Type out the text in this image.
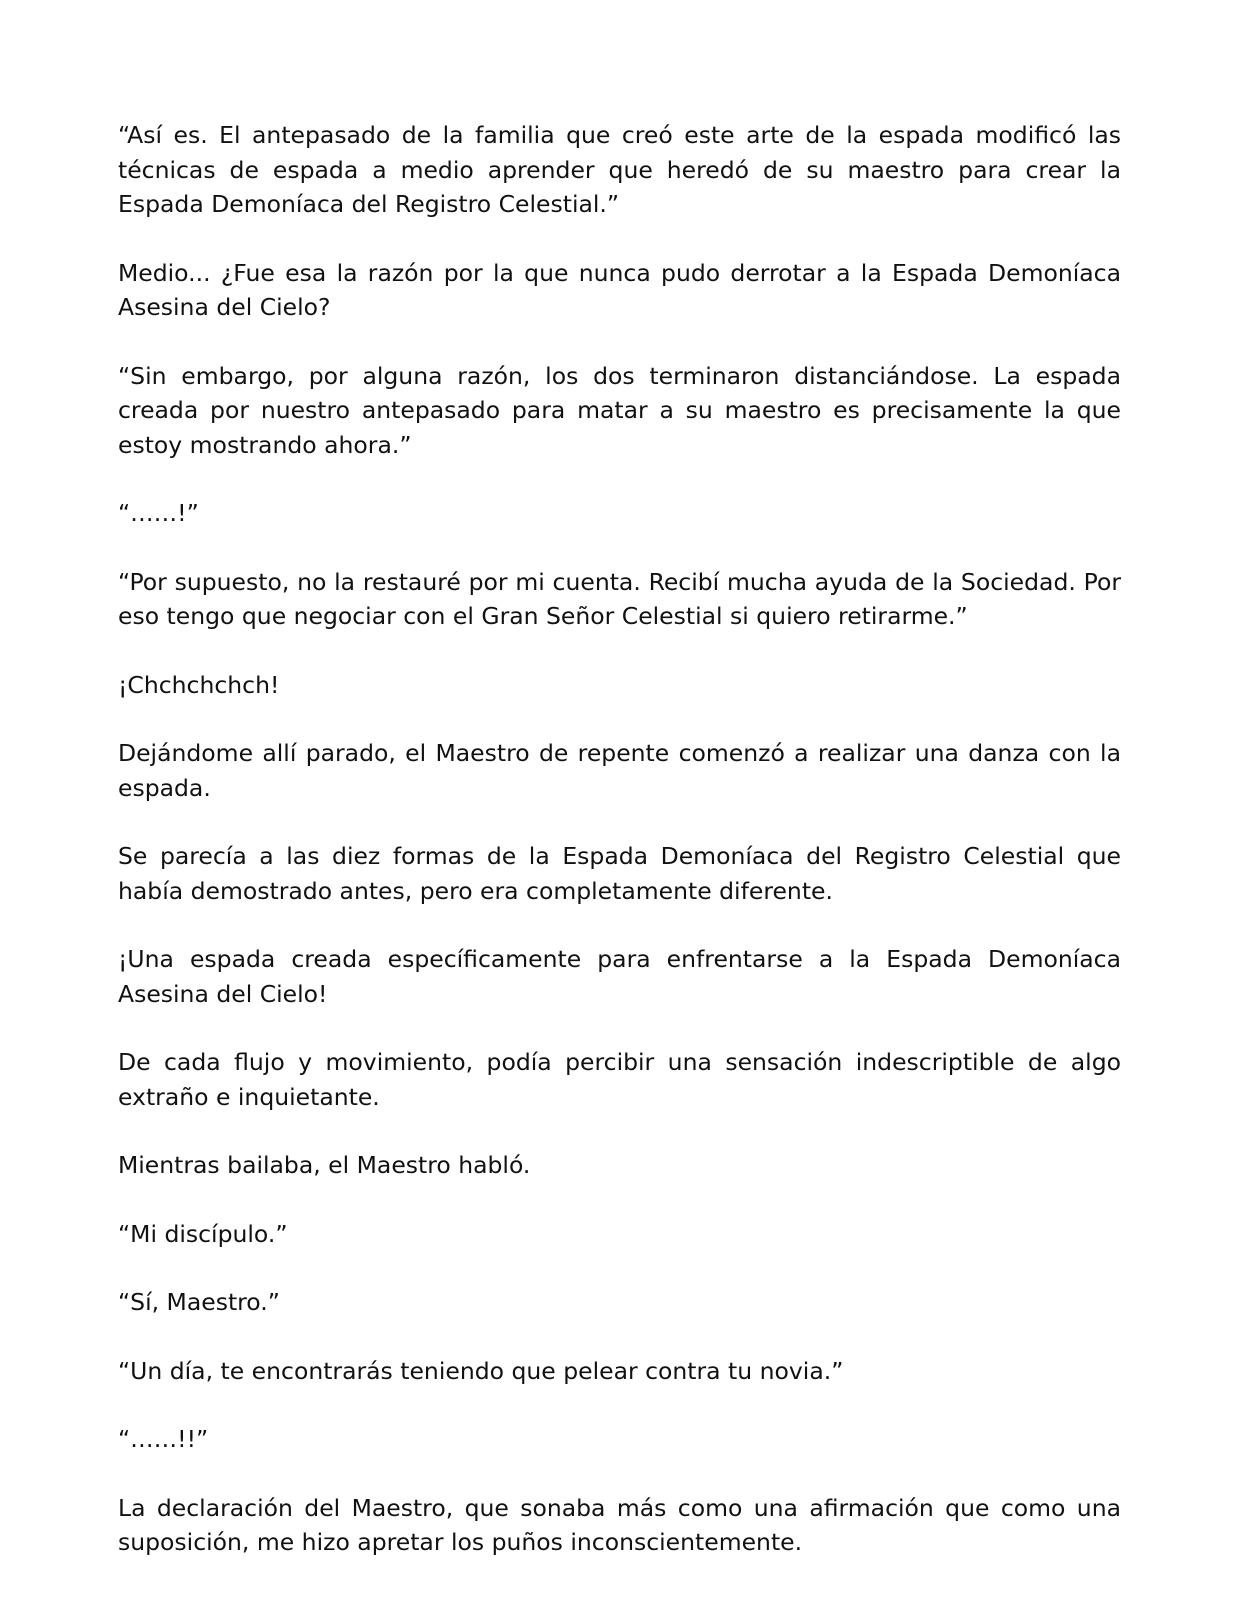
“Así es. El antepasado de la familia que creó este arte de la espada modificó las técnicas de espada a medio aprender que heredó de su maestro para crear la Espada Demoníaca del Registro Celestial.”

Medio... ¿Fue esa la razón por la que nunca pudo derrotar a la Espada Demoníaca Asesina del Cielo?

“Sin embargo, por alguna razón, los dos terminaron distanciándose. La espada creada por nuestro antepasado para matar a su maestro es precisamente la que estoy mostrando ahora.”

“……!”

“Por supuesto, no la restauré por mi cuenta. Recibí mucha ayuda de la Sociedad. Por eso tengo que negociar con el Gran Señor Celestial si quiero retirarme.”

¡Chchchchch!

Dejándome allí parado, el Maestro de repente comenzó a realizar una danza con la espada.

Se parecía a las diez formas de la Espada Demoníaca del Registro Celestial que había demostrado antes, pero era completamente diferente.

¡Una espada creada específicamente para enfrentarse a la Espada Demoníaca Asesina del Cielo!

De cada flujo y movimiento, podía percibir una sensación indescriptible de algo extraño e inquietante.

Mientras bailaba, el Maestro habló.

“Mi discípulo.”

“Sí, Maestro.”

“Un día, te encontrarás teniendo que pelear contra tu novia.”

“……!!”

La declaración del Maestro, que sonaba más como una afirmación que como una suposición, me hizo apretar los puños inconscientemente.
